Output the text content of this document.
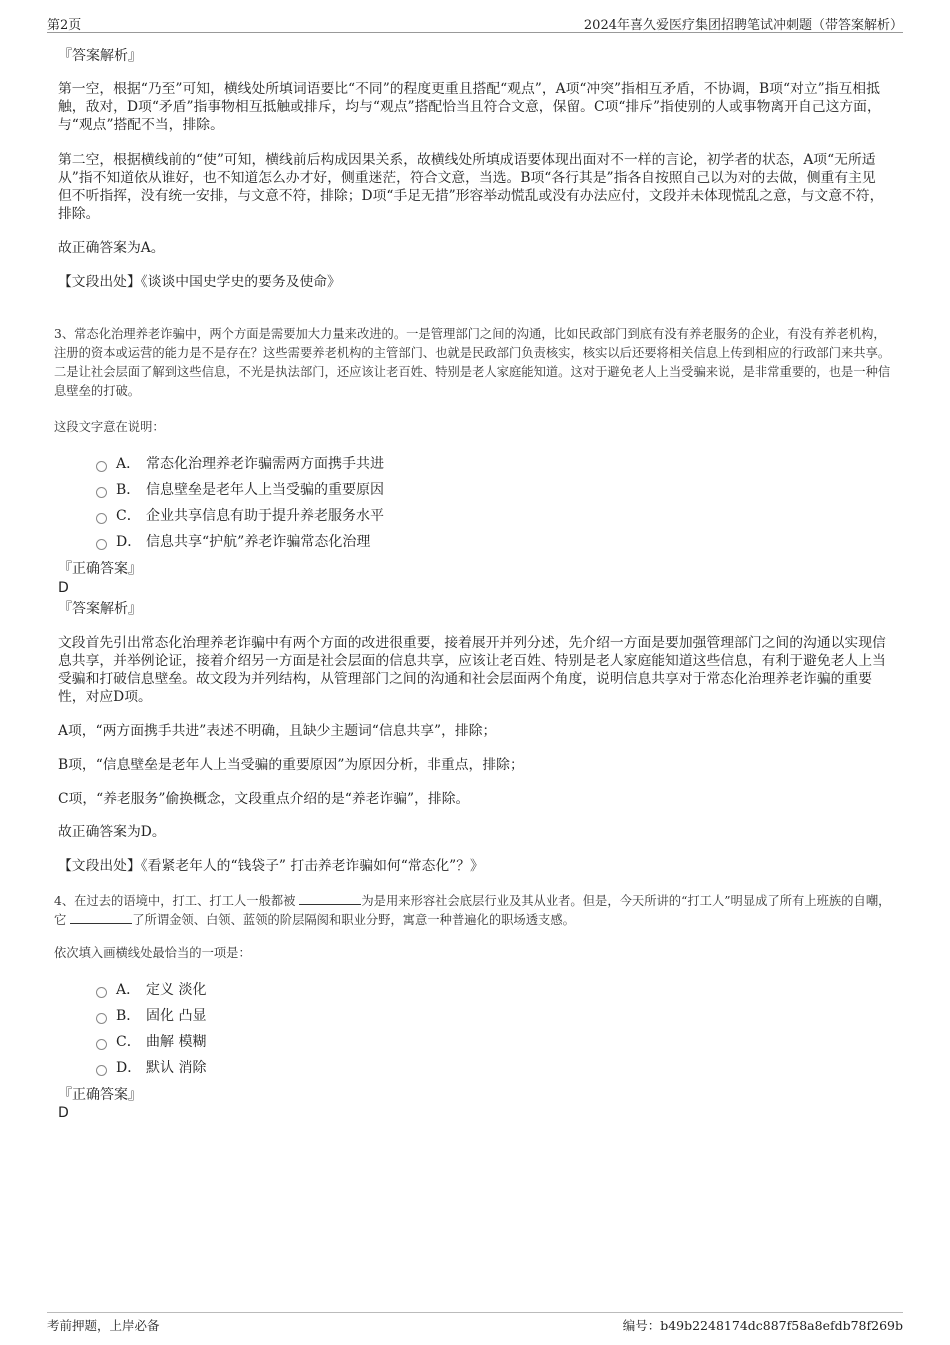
第2页	2024年喜久爱医疗集团招聘笔试冲刺题（带答案解析）

『答案解析』

第一空，根据“乃至”可知，横线处所填词语要比“不同”的程度更重且搭配“观点”，A项“冲突”指相互矛盾，不协调，B项“对立”指互相抵触，敌对，D项“矛盾”指事物相互抵触或排斥，均与“观点”搭配恰当且符合文意，保留。C项“排斥”指使别的人或事物离开自己这方面，与“观点”搭配不当，排除。

第二空，根据横线前的“使”可知，横线前后构成因果关系，故横线处所填成语要体现出面对不一样的言论，初学者的状态，A项“无所适从”指不知道依从谁好，也不知道怎么办才好，侧重迷茫，符合文意，当选。B项“各行其是”指各自按照自己以为对的去做，侧重有主见但不听指挥，没有统一安排，与文意不符，排除；D项“手足无措”形容举动慌乱或没有办法应付，文段并未体现慌乱之意，与文意不符，排除。

故正确答案为A。

【文段出处】《谈谈中国史学史的要务及使命》

3、常态化治理养老诈骗中，两个方面是需要加大力量来改进的。一是管理部门之间的沟通，比如民政部门到底有没有养老服务的企业，有没有养老机构，注册的资本或运营的能力是不是存在？这些需要养老机构的主管部门、也就是民政部门负责核实，核实以后还要将相关信息上传到相应的行政部门来共享。二是让社会层面了解到这些信息，不光是执法部门，还应该让老百姓、特别是老人家庭能知道。这对于避免老人上当受骗来说，是非常重要的，也是一种信息壁垒的打破。

这段文字意在说明：

A． 常态化治理养老诈骗需两方面携手共进
B． 信息壁垒是老年人上当受骗的重要原因
C． 企业共享信息有助于提升养老服务水平
D． 信息共享“护航”养老诈骗常态化治理

『正确答案』

D

『答案解析』

文段首先引出常态化治理养老诈骗中有两个方面的改进很重要，接着展开并列分述，先介绍一方面是要加强管理部门之间的沟通以实现信息共享，并举例论证，接着介绍另一方面是社会层面的信息共享，应该让老百姓、特别是老人家庭能知道这些信息，有利于避免老人上当受骗和打破信息壁垒。故文段为并列结构，从管理部门之间的沟通和社会层面两个角度，说明信息共享对于常态化治理养老诈骗的重要性，对应D项。

A项，“两方面携手共进”表述不明确，且缺少主题词“信息共享”，排除；

B项，“信息壁垒是老年人上当受骗的重要原因”为原因分析，非重点，排除；

C项，“养老服务”偷换概念，文段重点介绍的是“养老诈骗”，排除。

故正确答案为D。

【文段出处】《看紧老年人的“钱袋子” 打击养老诈骗如何“常态化”？》

4、在过去的语境中，打工、打工人一般都被	为是用来形容社会底层行业及其从业者。但是，今天所讲的“打工人”明显成了所有上班族的自嘲，它	了所谓金领、白领、蓝领的阶层隔阂和职业分野，寓意一种普遍化的职场透支感。

依次填入画横线处最恰当的一项是：

A． 定义 淡化
B． 固化 凸显
C． 曲解 模糊
D． 默认 消除

『正确答案』

D

考前押题，上岸必备	编号：b49b2248174dc887f58a8efdb78f269b
